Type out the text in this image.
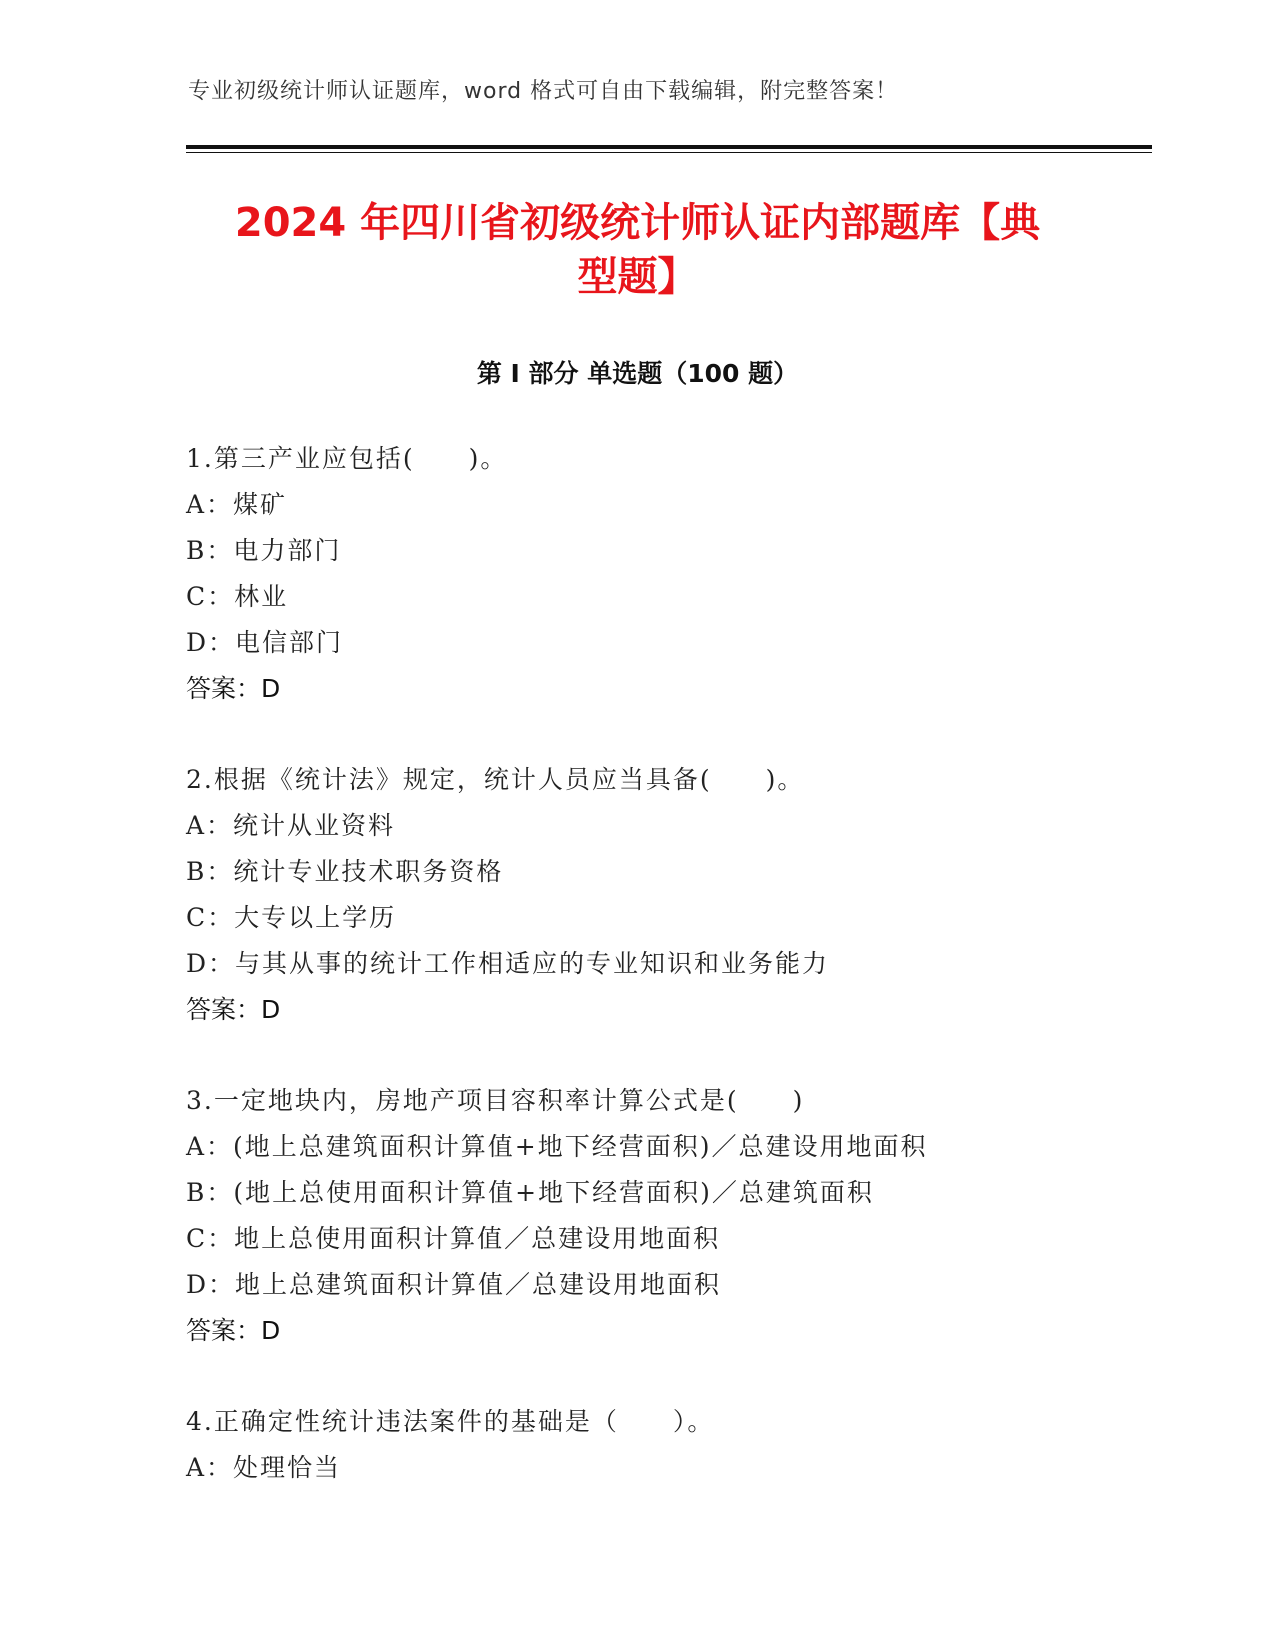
专业初级统计师认证题库，word 格式可自由下载编辑，附完整答案！
2024 年四川省初级统计师认证内部题库【典
型题】
第 I 部分 单选题（100 题）
1.第三产业应包括(　　)。
A：煤矿
B：电力部门
C：林业
D：电信部门
答案：D
2.根据《统计法》规定，统计人员应当具备(　　)。
A：统计从业资料
B：统计专业技术职务资格
C：大专以上学历
D：与其从事的统计工作相适应的专业知识和业务能力
答案：D
3.一定地块内，房地产项目容积率计算公式是(　　)
A：(地上总建筑面积计算值+地下经营面积)／总建设用地面积
B：(地上总使用面积计算值+地下经营面积)／总建筑面积
C：地上总使用面积计算值／总建设用地面积
D：地上总建筑面积计算值／总建设用地面积
答案：D
4.正确定性统计违法案件的基础是（　　）。
A：处理恰当
